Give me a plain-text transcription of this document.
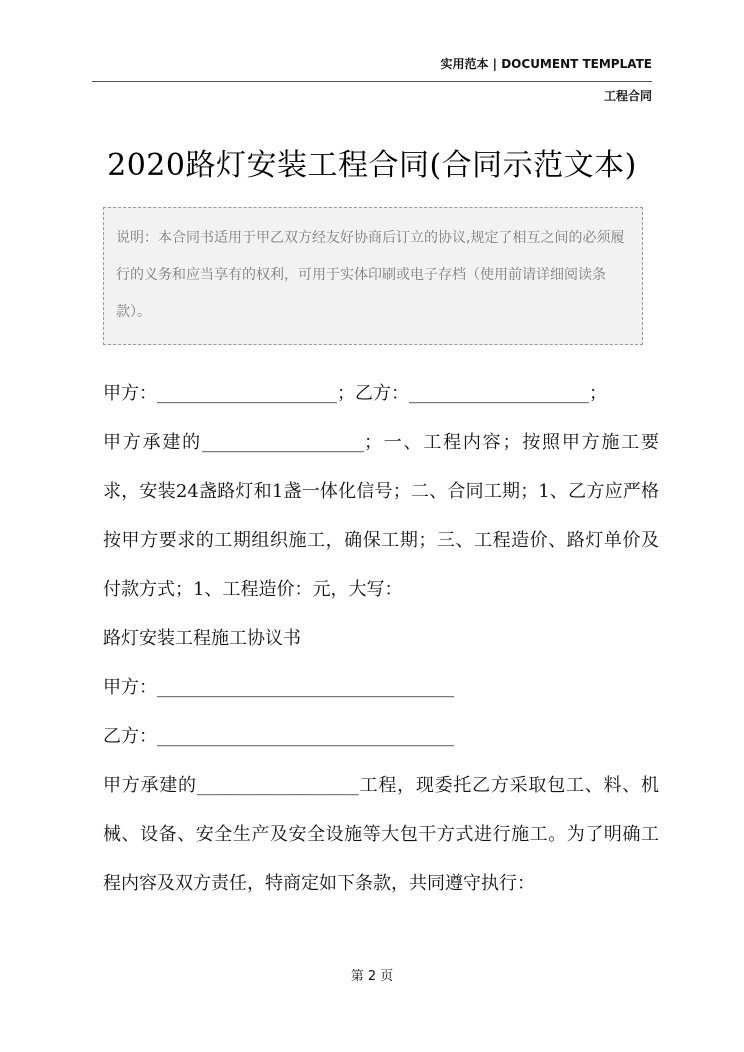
实用范本 | DOCUMENT TEMPLATE
工程合同
2020路灯安装工程合同(合同示范文本)
说明：本合同书适用于甲乙双方经友好协商后订立的协议,规定了相互之间的必须履行的义务和应当享有的权利，可用于实体印刷或电子存档（使用前请详细阅读条款）。

甲方：____________________；乙方：____________________；

甲方承建的__________________；一、工程内容；按照甲方施工要求，安装24盏路灯和1盏一体化信号；二、合同工期；1、乙方应严格按甲方要求的工期组织施工，确保工期；三、工程造价、路灯单价及付款方式；1、工程造价：元，大写：

路灯安装工程施工协议书

甲方：_________________________________

乙方：_________________________________

甲方承建的__________________工程，现委托乙方采取包工、料、机械、设备、安全生产及安全设施等大包干方式进行施工。为了明确工程内容及双方责任，特商定如下条款，共同遵守执行：

第 2 页
